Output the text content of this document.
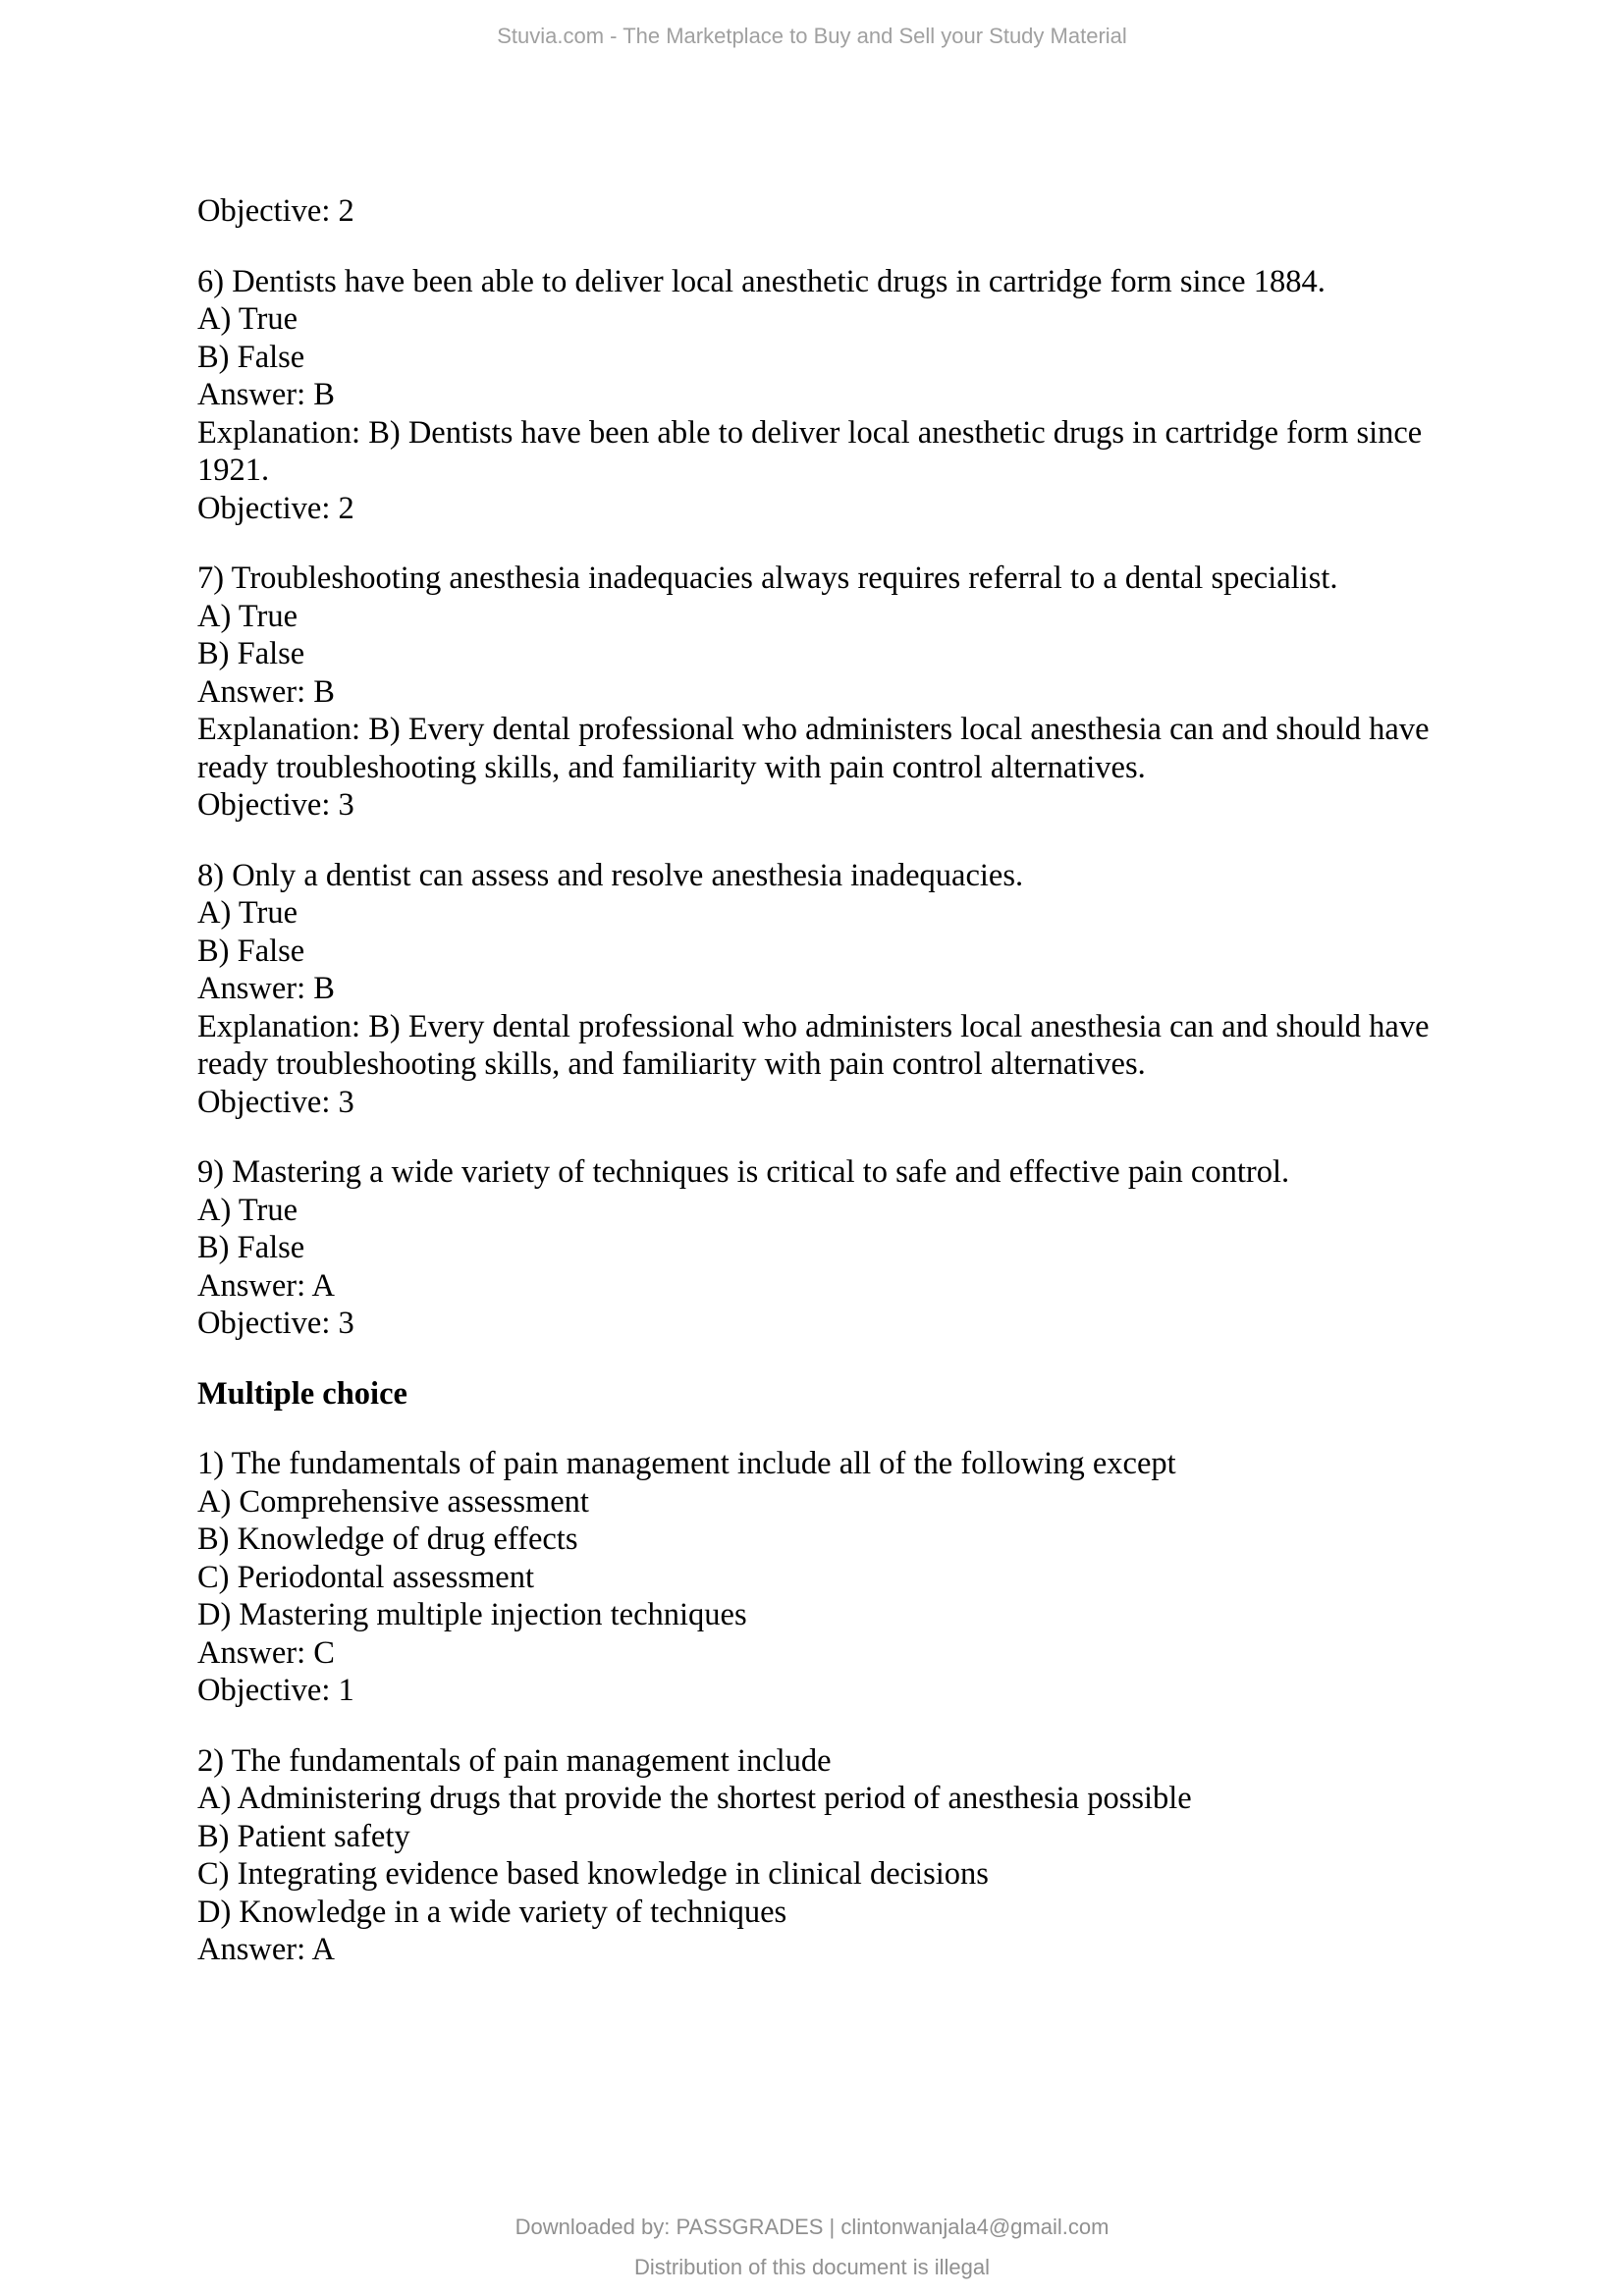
Stuvia.com - The Marketplace to Buy and Sell your Study Material
Objective: 2
6) Dentists have been able to deliver local anesthetic drugs in cartridge form since 1884.
A) True
B) False
Answer: B
Explanation: B) Dentists have been able to deliver local anesthetic drugs in cartridge form since
1921.
Objective: 2
7) Troubleshooting anesthesia inadequacies always requires referral to a dental specialist.
A) True
B) False
Answer: B
Explanation: B) Every dental professional who administers local anesthesia can and should have
ready troubleshooting skills, and familiarity with pain control alternatives.
Objective: 3
8) Only a dentist can assess and resolve anesthesia inadequacies.
A) True
B) False
Answer: B
Explanation: B) Every dental professional who administers local anesthesia can and should have
ready troubleshooting skills, and familiarity with pain control alternatives.
Objective: 3
9) Mastering a wide variety of techniques is critical to safe and effective pain control.
A) True
B) False
Answer: A
Objective: 3
Multiple choice
1) The fundamentals of pain management include all of the following except
A) Comprehensive assessment
B) Knowledge of drug effects
C) Periodontal assessment
D) Mastering multiple injection techniques
Answer: C
Objective: 1
2) The fundamentals of pain management include
A) Administering drugs that provide the shortest period of anesthesia possible
B) Patient safety
C) Integrating evidence based knowledge in clinical decisions
D) Knowledge in a wide variety of techniques
Answer: A
Downloaded by: PASSGRADES | clintonwanjala4@gmail.com
Distribution of this document is illegal
